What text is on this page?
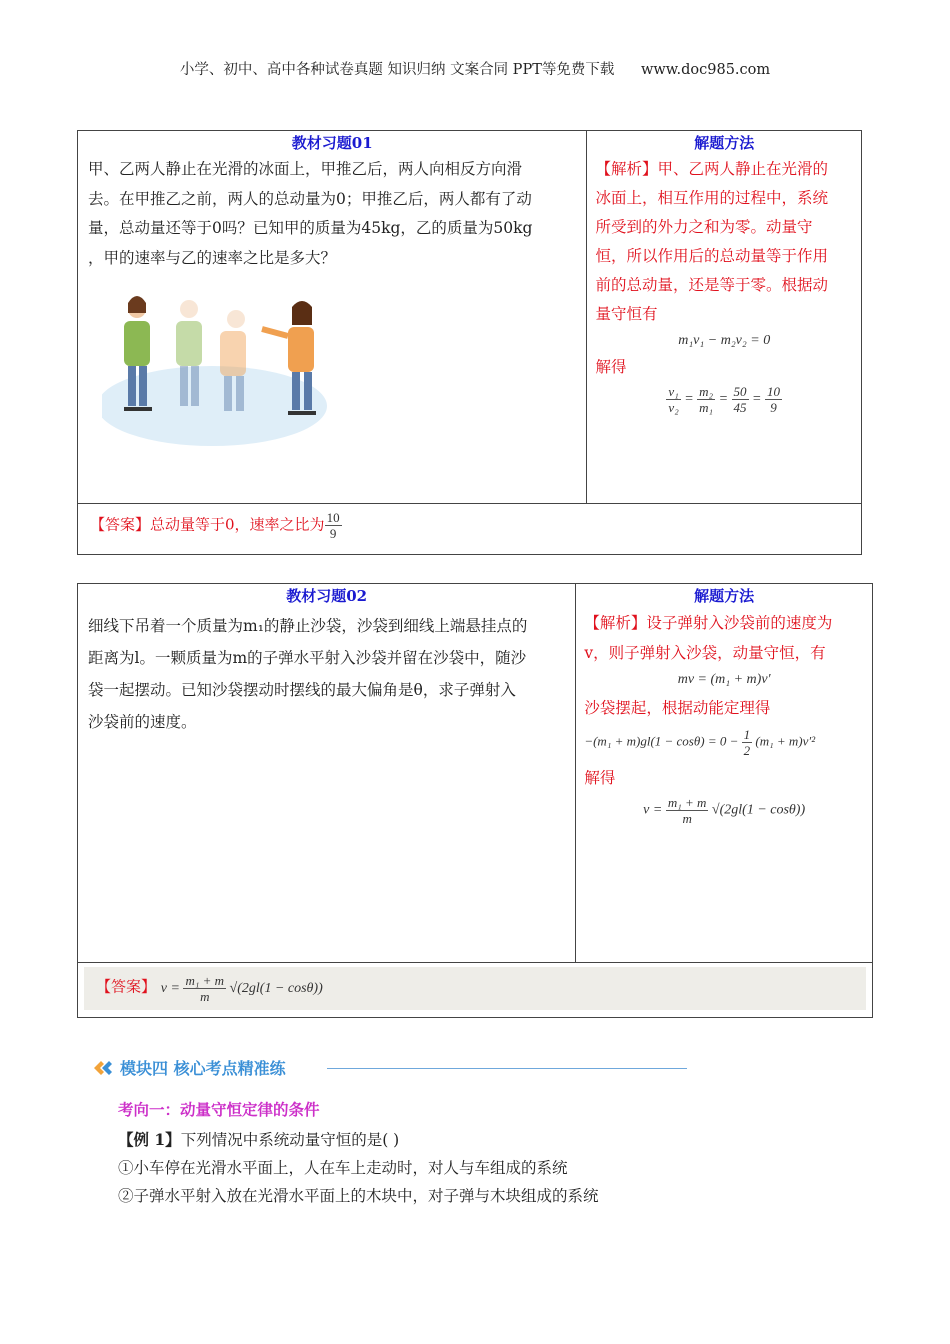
小学、初中、高中各种试卷真题 知识归纳 文案合同 PPT等免费下载 www.doc985.com
教材习题01
甲、乙两人静止在光滑的冰面上，甲推乙后，两人向相反方向滑
去。在甲推乙之前，两人的总动量为0；甲推乙后，两人都有了动
量，总动量还等于0吗？已知甲的质量为45kg，乙的质量为50kg
，甲的速率与乙的速率之比是多大？

解题方法
【解析】甲、乙两人静止在光滑的
冰面上，相互作用的过程中，系统
所受到的外力之和为零。动量守
恒，所以作用后的总动量等于作用
前的总动量，还是等于零。根据动
量守恒有
m₁v₁ − m₂v₂ = 0
解得
$\frac{\text{v₁}}{\text{v₂}} = \frac{\text{m₂}}{\text{m₁}} = \frac{50}{45} = \frac{10}{9}$

【答案】总动量等于0，速率之比为 $\frac{10}{9}$
教材习题02
细线下吊着一个质量为m₁的静止沙袋，沙袋到细线上端悬挂点的
距离为l。一颗质量为m的子弹水平射入沙袋并留在沙袋中，随沙
袋一起摆动。已知沙袋摆动时摆线的最大偏角是θ，求子弹射入
沙袋前的速度。

解题方法
【解析】设子弹射入沙袋前的速度为
v，则子弹射入沙袋，动量守恒，有
mv = (m₁ + m)v′
沙袋摆起，根据动能定理得
$-(m_1 + m)gl(1 - \cos\theta) = 0 - \frac{1}{2} (m_1 + m)v'^2$
解得
$v = \frac{\text{m₁ + m}}{m} √(2gl(1 - \cos\theta))$

【答案】 $v = \frac{\text{m₁ + m}}{m} √(2gl(1 - \cos\theta))$
模块四 核心考点精准练
考向一：动量守恒定律的条件
【例 1】下列情况中系统动量守恒的是( )
①小车停在光滑水平面上，人在车上走动时，对人与车组成的系统
②子弹水平射入放在光滑水平面上的木块中，对子弹与木块组成的系统
